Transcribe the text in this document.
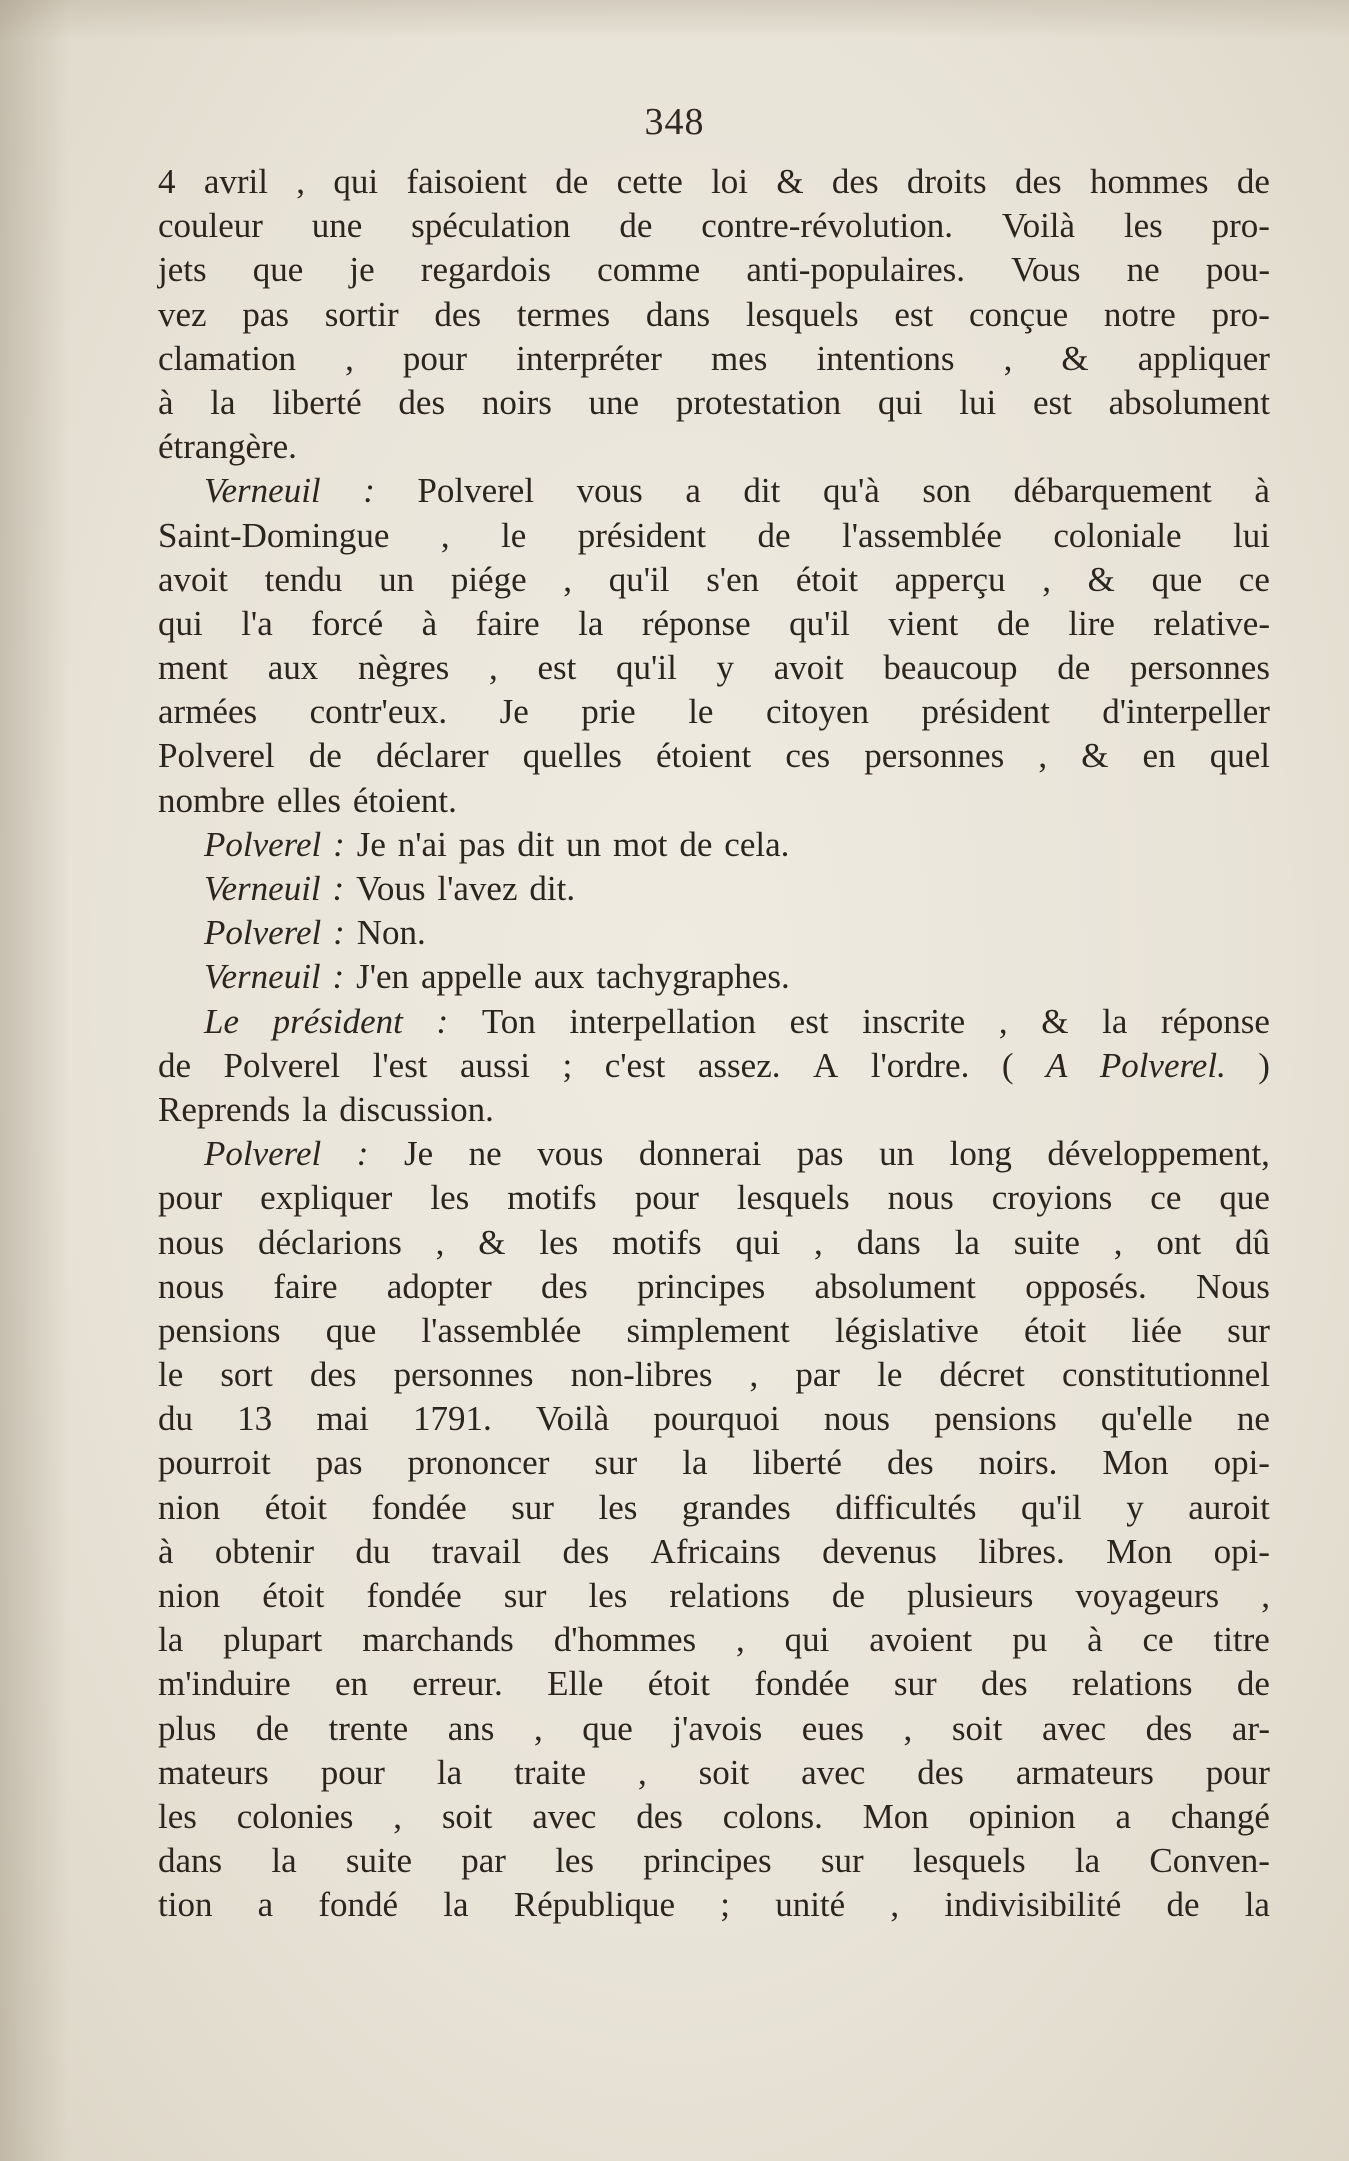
348
4 avril , qui faisoient de cette loi & des droits des hommes de
couleur une spéculation de contre-révolution. Voilà les pro-
jets que je regardois comme anti-populaires. Vous ne pou-
vez pas sortir des termes dans lesquels est conçue notre pro-
clamation , pour interpréter mes intentions , & appliquer
à la liberté des noirs une protestation qui lui est absolument
étrangère.
Verneuil : Polverel vous a dit qu'à son débarquement à
Saint-Domingue , le président de l'assemblée coloniale lui
avoit tendu un piége , qu'il s'en étoit apperçu , & que ce
qui l'a forcé à faire la réponse qu'il vient de lire relative-
ment aux nègres , est qu'il y avoit beaucoup de personnes
armées contr'eux. Je prie le citoyen président d'interpeller
Polverel de déclarer quelles étoient ces personnes , & en quel
nombre elles étoient.
Polverel : Je n'ai pas dit un mot de cela.
Verneuil : Vous l'avez dit.
Polverel : Non.
Verneuil : J'en appelle aux tachygraphes.
Le président : Ton interpellation est inscrite , & la réponse
de Polverel l'est aussi ; c'est assez. A l'ordre. ( A Polverel. )
Reprends la discussion.
Polverel : Je ne vous donnerai pas un long développement,
pour expliquer les motifs pour lesquels nous croyions ce que
nous déclarions , & les motifs qui , dans la suite , ont dû
nous faire adopter des principes absolument opposés. Nous
pensions que l'assemblée simplement législative étoit liée sur
le sort des personnes non-libres , par le décret constitutionnel
du 13 mai 1791. Voilà pourquoi nous pensions qu'elle ne
pourroit pas prononcer sur la liberté des noirs. Mon opi-
nion étoit fondée sur les grandes difficultés qu'il y auroit
à obtenir du travail des Africains devenus libres. Mon opi-
nion étoit fondée sur les relations de plusieurs voyageurs ,
la plupart marchands d'hommes , qui avoient pu à ce titre
m'induire en erreur. Elle étoit fondée sur des relations de
plus de trente ans , que j'avois eues , soit avec des ar-
mateurs pour la traite , soit avec des armateurs pour
les colonies , soit avec des colons. Mon opinion a changé
dans la suite par les principes sur lesquels la Conven-
tion a fondé la République ; unité , indivisibilité de la
